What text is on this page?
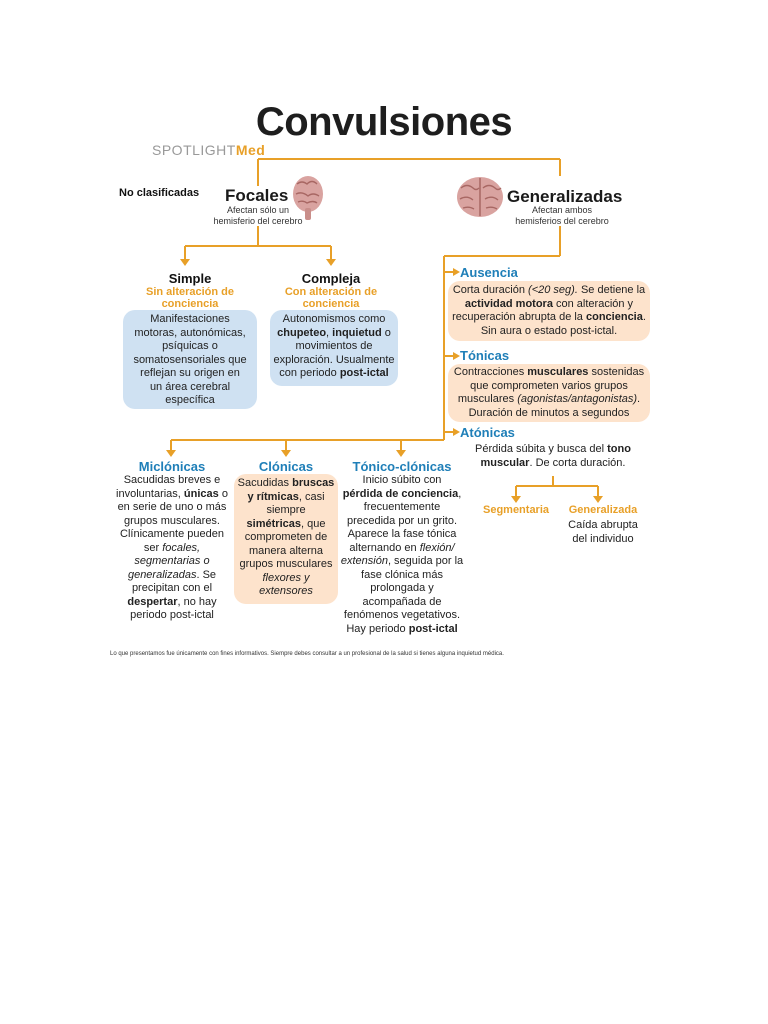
Convulsiones
SPOTLIGHTMed
No clasificadas Focales
Afectan sólo un
hemisferio del cerebro
Generalizadas
Afectan ambos
hemisferios del cerebro
Simple
Sin alteración de
conciencia
Manifestaciones
motoras, autonómicas,
psíquicas o
somatosensoriales que
reflejan su origen en
un área cerebral
específica
Compleja
Con alteración de
conciencia
Autonomismos como
chupeteo, inquietud o
movimientos de
exploración. Usualmente
con periodo post-ictal
Ausencia
Corta duración (<20 seg). Se detiene la
actividad motora con alteración y
recuperación abrupta de la conciencia.
Sin aura o estado post-ictal.
Tónicas
Contracciones musculares sostenidas
que comprometen varios grupos
musculares (agonistas/antagonistas).
Duración de minutos a segundos
Atónicas
Pérdida súbita y busca del tono
muscular. De corta duración.
Segmentaria	Generalizada
Caída abrupta
del individuo
Miclónicas
Sacudidas breves e
involuntarias, únicas o
en serie de uno o más
grupos musculares.
Clínicamente pueden
ser focales,
segmentarias o
generalizadas. Se
precipitan con el
despertar, no hay
periodo post-ictal
Clónicas
Sacudidas bruscas
y rítmicas, casi
siempre
simétricas, que
comprometen de
manera alterna
grupos musculares
flexores y
extensores
Tónico-clónicas
Inicio súbito con
pérdida de conciencia,
frecuentemente
precedida por un grito.
Aparece la fase tónica
alternando en flexión/
extensión, seguida por la
fase clónica más
prolongada y
acompañada de
fenómenos vegetativos.
Hay periodo post-ictal
Lo que presentamos fue únicamente con fines informativos. Siempre debes consultar a un profesional de la salud si tienes alguna inquietud médica.
